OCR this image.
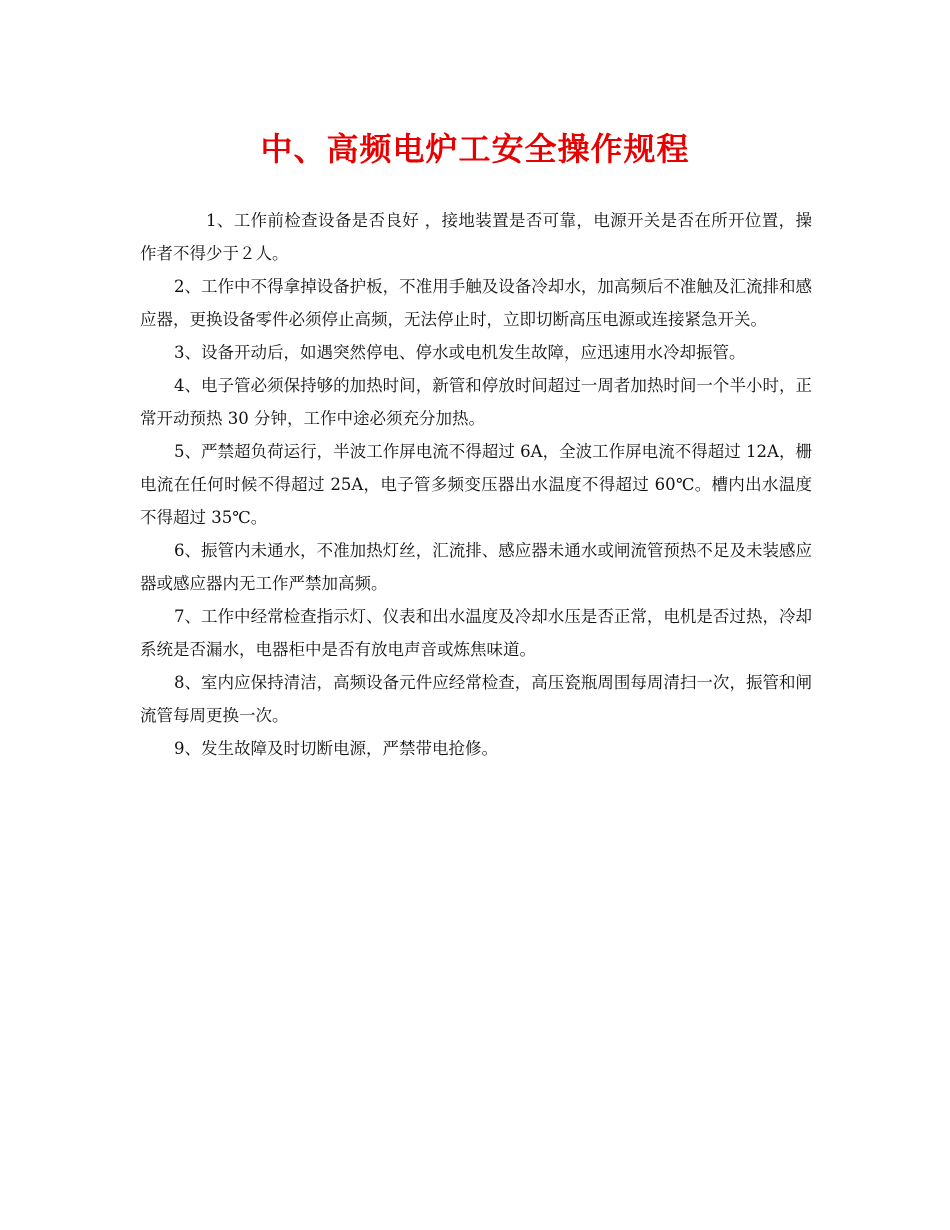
中、高频电炉工安全操作规程

1、工作前检查设备是否良好 ，接地装置是否可靠，电源开关是否在所开位置，操作者不得少于２人。

2、工作中不得拿掉设备护板，不准用手触及设备冷却水，加高频后不准触及汇流排和感应器，更换设备零件必须停止高频，无法停止时，立即切断高压电源或连接紧急开关。

3、设备开动后，如遇突然停电、停水或电机发生故障，应迅速用水冷却振管。

4、电子管必须保持够的加热时间，新管和停放时间超过一周者加热时间一个半小时，正常开动预热 30 分钟，工作中途必须充分加热。

5、严禁超负荷运行，半波工作屏电流不得超过 6A，全波工作屏电流不得超过 12A，栅电流在任何时候不得超过 25A，电子管多频变压器出水温度不得超过 60℃。槽内出水温度不得超过 35℃。

6、振管内未通水，不准加热灯丝，汇流排、感应器未通水或闸流管预热不足及未装感应器或感应器内无工作严禁加高频。

7、工作中经常检查指示灯、仪表和出水温度及冷却水压是否正常，电机是否过热，冷却系统是否漏水，电器柜中是否有放电声音或炼焦味道。

8、室内应保持清洁，高频设备元件应经常检查，高压瓷瓶周围每周清扫一次，振管和闸流管每周更换一次。

9、发生故障及时切断电源，严禁带电抢修。
